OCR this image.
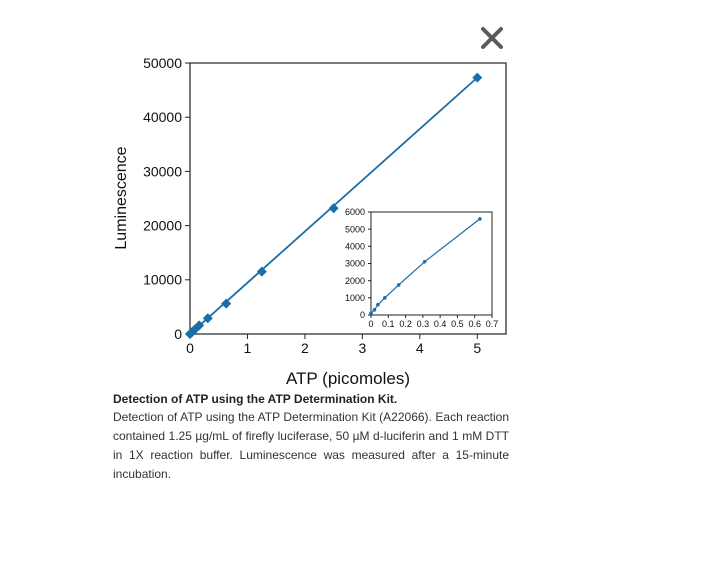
0
10000
20000
30000
40000
50000
0	1	2	3	4	5
ATP (picomoles)
Luminescence
0
1000
2000
3000
4000
5000
6000
0 0.1 0.2 0.3 0.4 0.5 0.6 0.7
Detection of ATP using the ATP Determination Kit.
Detection of ATP using the ATP Determination Kit (A22066). Each reaction contained 1.25 µg/mL of firefly luciferase, 50 µM d-luciferin and 1 mM DTT in 1X reaction buffer. Luminescence was measured after a 15-minute incubation.
